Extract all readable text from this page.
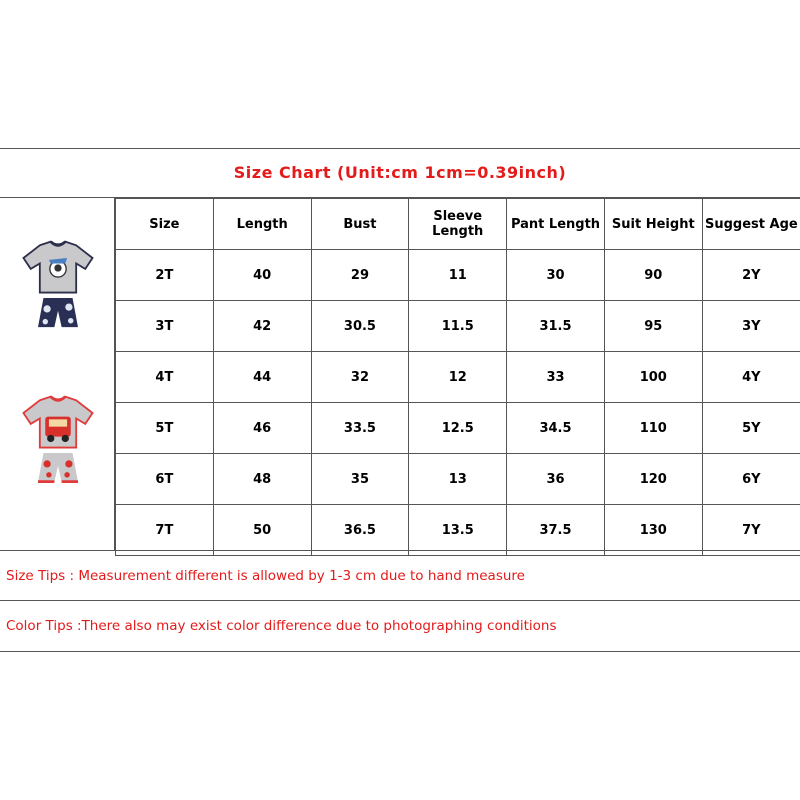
Size Chart (Unit:cm 1cm=0.39inch)
Size	Length	Bust	Sleeve Length	Pant Length	Suit Height	Suggest Age
2T	40	29	11	30	90	2Y
3T	42	30.5	11.5	31.5	95	3Y
4T	44	32	12	33	100	4Y
5T	46	33.5	12.5	34.5	110	5Y
6T	48	35	13	36	120	6Y
7T	50	36.5	13.5	37.5	130	7Y
Size Tips : Measurement different is allowed by 1-3 cm due to hand measure
Color Tips :There also may exist color difference due to photographing conditions
